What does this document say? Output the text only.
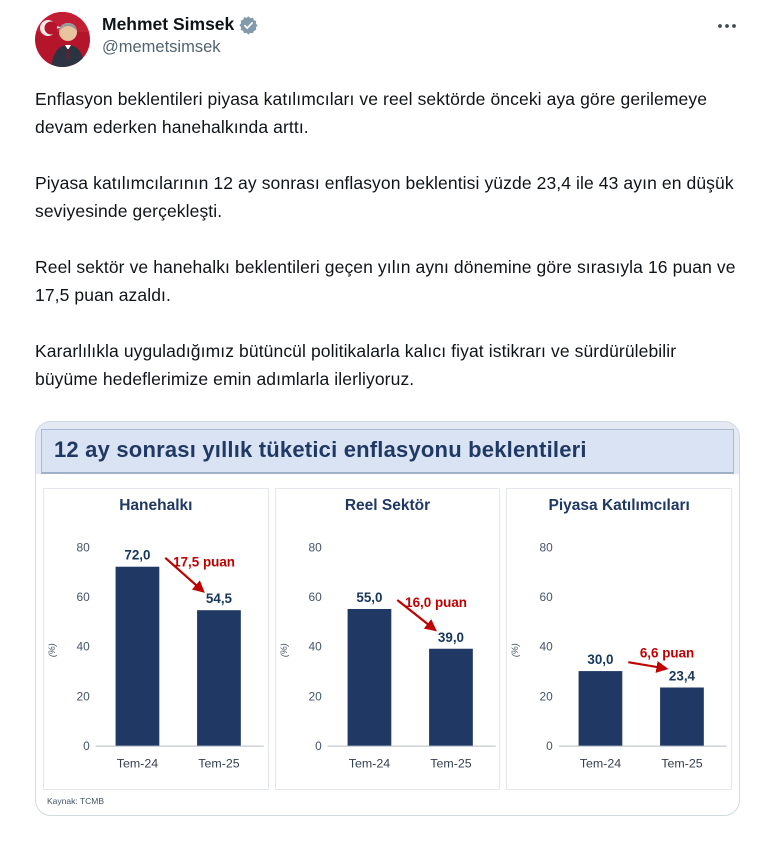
Mehmet Simsek
@memetsimsek

Enflasyon beklentileri piyasa katılımcıları ve reel sektörde önceki aya göre gerilemeye devam ederken hanehalkında arttı.

Piyasa katılımcılarının 12 ay sonrası enflasyon beklentisi yüzde 23,4 ile 43 ayın en düşük seviyesinde gerçekleşti.

Reel sektör ve hanehalkı beklentileri geçen yılın aynı dönemine göre sırasıyla 16 puan ve 17,5 puan azaldı.

Kararlılıkla uyguladığımız bütüncül politikalarla kalıcı fiyat istikrarı ve sürdürülebilir büyüme hedeflerimize emin adımlarla ilerliyoruz.

12 ay sonrası yıllık tüketici enflasyonu beklentileri
Hanehalkı
0
20
40
60
80
(%)
72,0
Tem-24
54,5
Tem-25
17,5 puan
Reel Sektör
0
20
40
60
80
(%)
55,0
Tem-24
39,0
Tem-25
16,0 puan
Piyasa Katılımcıları
0
20
40
60
80
(%)
30,0
Tem-24
23,4
Tem-25
6,6 puan
Kaynak: TCMB
